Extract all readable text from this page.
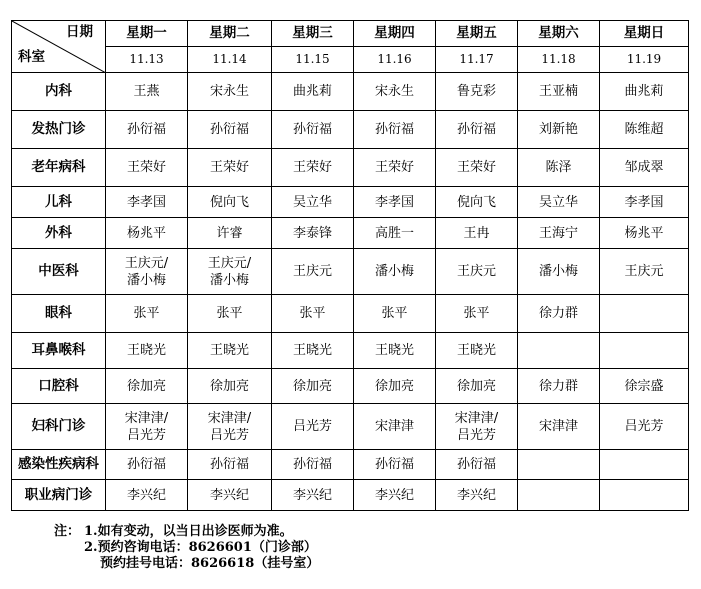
日期
科室	星期一	星期二	星期三	星期四	星期五	星期六	星期日
	11.13	11.14	11.15	11.16	11.17	11.18	11.19
内科	王燕	宋永生	曲兆莉	宋永生	鲁克彩	王亚楠	曲兆莉

发热门诊	孙衍福	孙衍福	孙衍福	孙衍福	孙衍福	刘新艳	陈维超

老年病科	王荣好	王荣好	王荣好	王荣好	王荣好	陈泽	邹成翠

儿科	李孝国	倪向飞	吴立华	李孝国	倪向飞	吴立华	李孝国

外科	杨兆平	许睿	李泰锋	高胜一	王冉	王海宁	杨兆平

中医科	王庆元/
潘小梅	王庆元/
潘小梅	王庆元	潘小梅	王庆元	潘小梅	王庆元

眼科	张平	张平	张平	张平	张平	徐力群	

耳鼻喉科	王晓光	王晓光	王晓光	王晓光	王晓光		

口腔科	徐加亮	徐加亮	徐加亮	徐加亮	徐加亮	徐力群	徐宗盛

妇科门诊	宋津津/
吕光芳	宋津津/
吕光芳	吕光芳	宋津津	宋津津/
吕光芳	宋津津	吕光芳

感染性疾病科	孙衍福	孙衍福	孙衍福	孙衍福	孙衍福		

职业病门诊	李兴纪	李兴纪	李兴纪	李兴纪	李兴纪		

注： 1.如有变动，以当日出诊医师为准。
2.预约咨询电话：8626601（门诊部）
预约挂号电话：8626618（挂号室）
